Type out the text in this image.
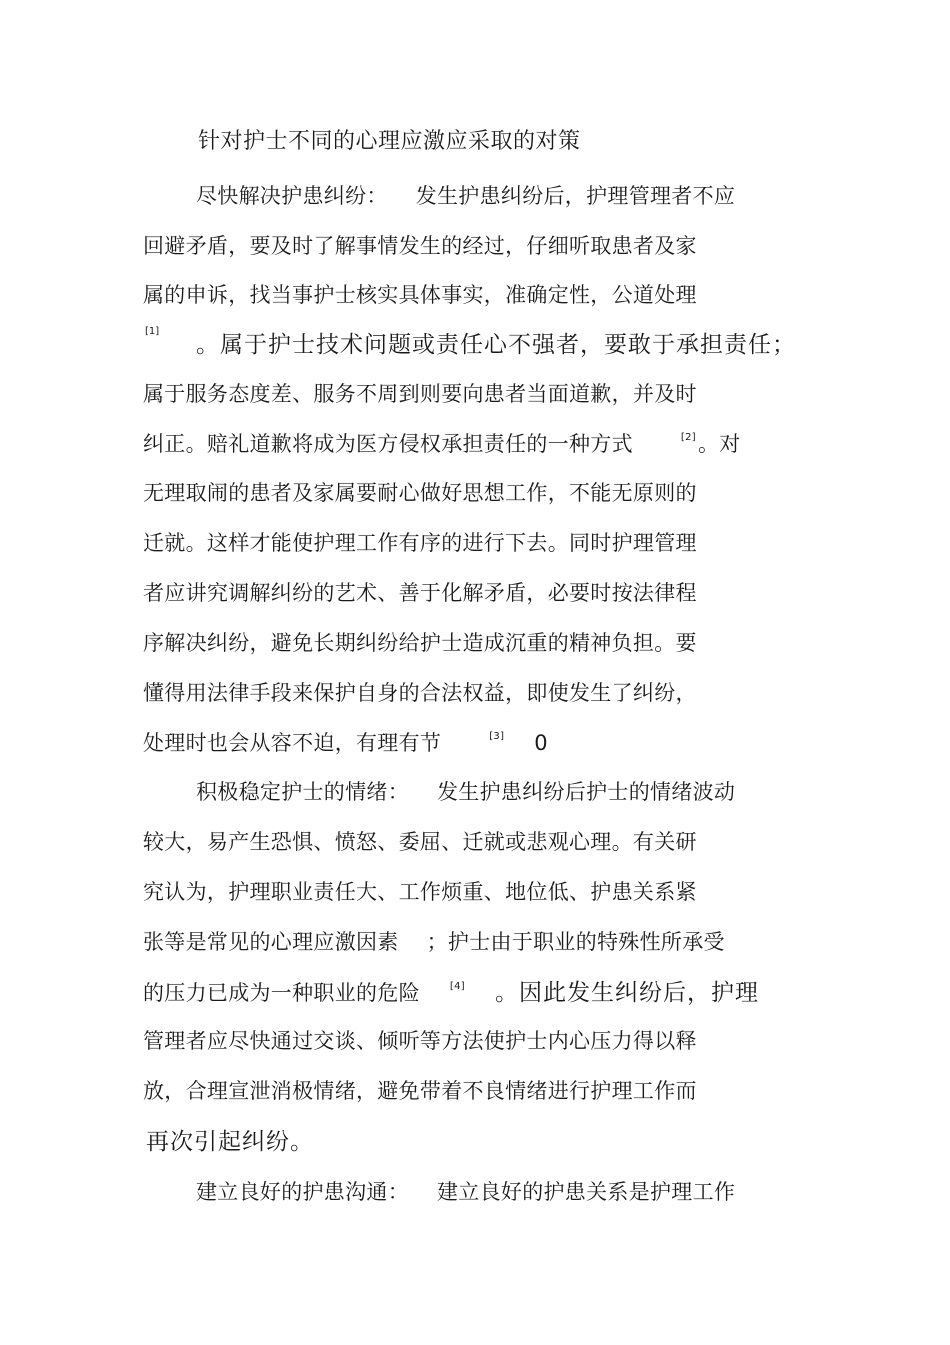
针对护士不同的心理应激应采取的对策
尽快解决护患纠纷： 发生护患纠纷后，护理管理者不应
回避矛盾，要及时了解事情发生的经过，仔细听取患者及家
属的申诉，找当事护士核实具体事实，准确定性，公道处理
[1]
。属于护士技术问题或责任心不强者，要敢于承担责任；
属于服务态度差、服务不周到则要向患者当面道歉，并及时
纠正。赔礼道歉将成为医方侵权承担责任的一种方式	[2]。对
无理取闹的患者及家属要耐心做好思想工作，不能无原则的
迁就。这样才能使护理工作有序的进行下去。同时护理管理
者应讲究调解纠纷的艺术、善于化解矛盾，必要时按法律程
序解决纠纷，避免长期纠纷给护士造成沉重的精神负担。要
懂得用法律手段来保护自身的合法权益，即使发生了纠纷，
处理时也会从容不迫，有理有节	[3] 0
积极稳定护士的情绪： 发生护患纠纷后护士的情绪波动
较大，易产生恐惧、愤怒、委屈、迁就或悲观心理。有关研
究认为，护理职业责任大、工作烦重、地位低、护患关系紧
张等是常见的心理应激因素 ；护士由于职业的特殊性所承受
的压力已成为一种职业的危险	[4] 。因此发生纠纷后，护理
管理者应尽快通过交谈、倾听等方法使护士内心压力得以释
放，合理宣泄消极情绪，避免带着不良情绪进行护理工作而
再次引起纠纷。
建立良好的护患沟通： 建立良好的护患关系是护理工作
